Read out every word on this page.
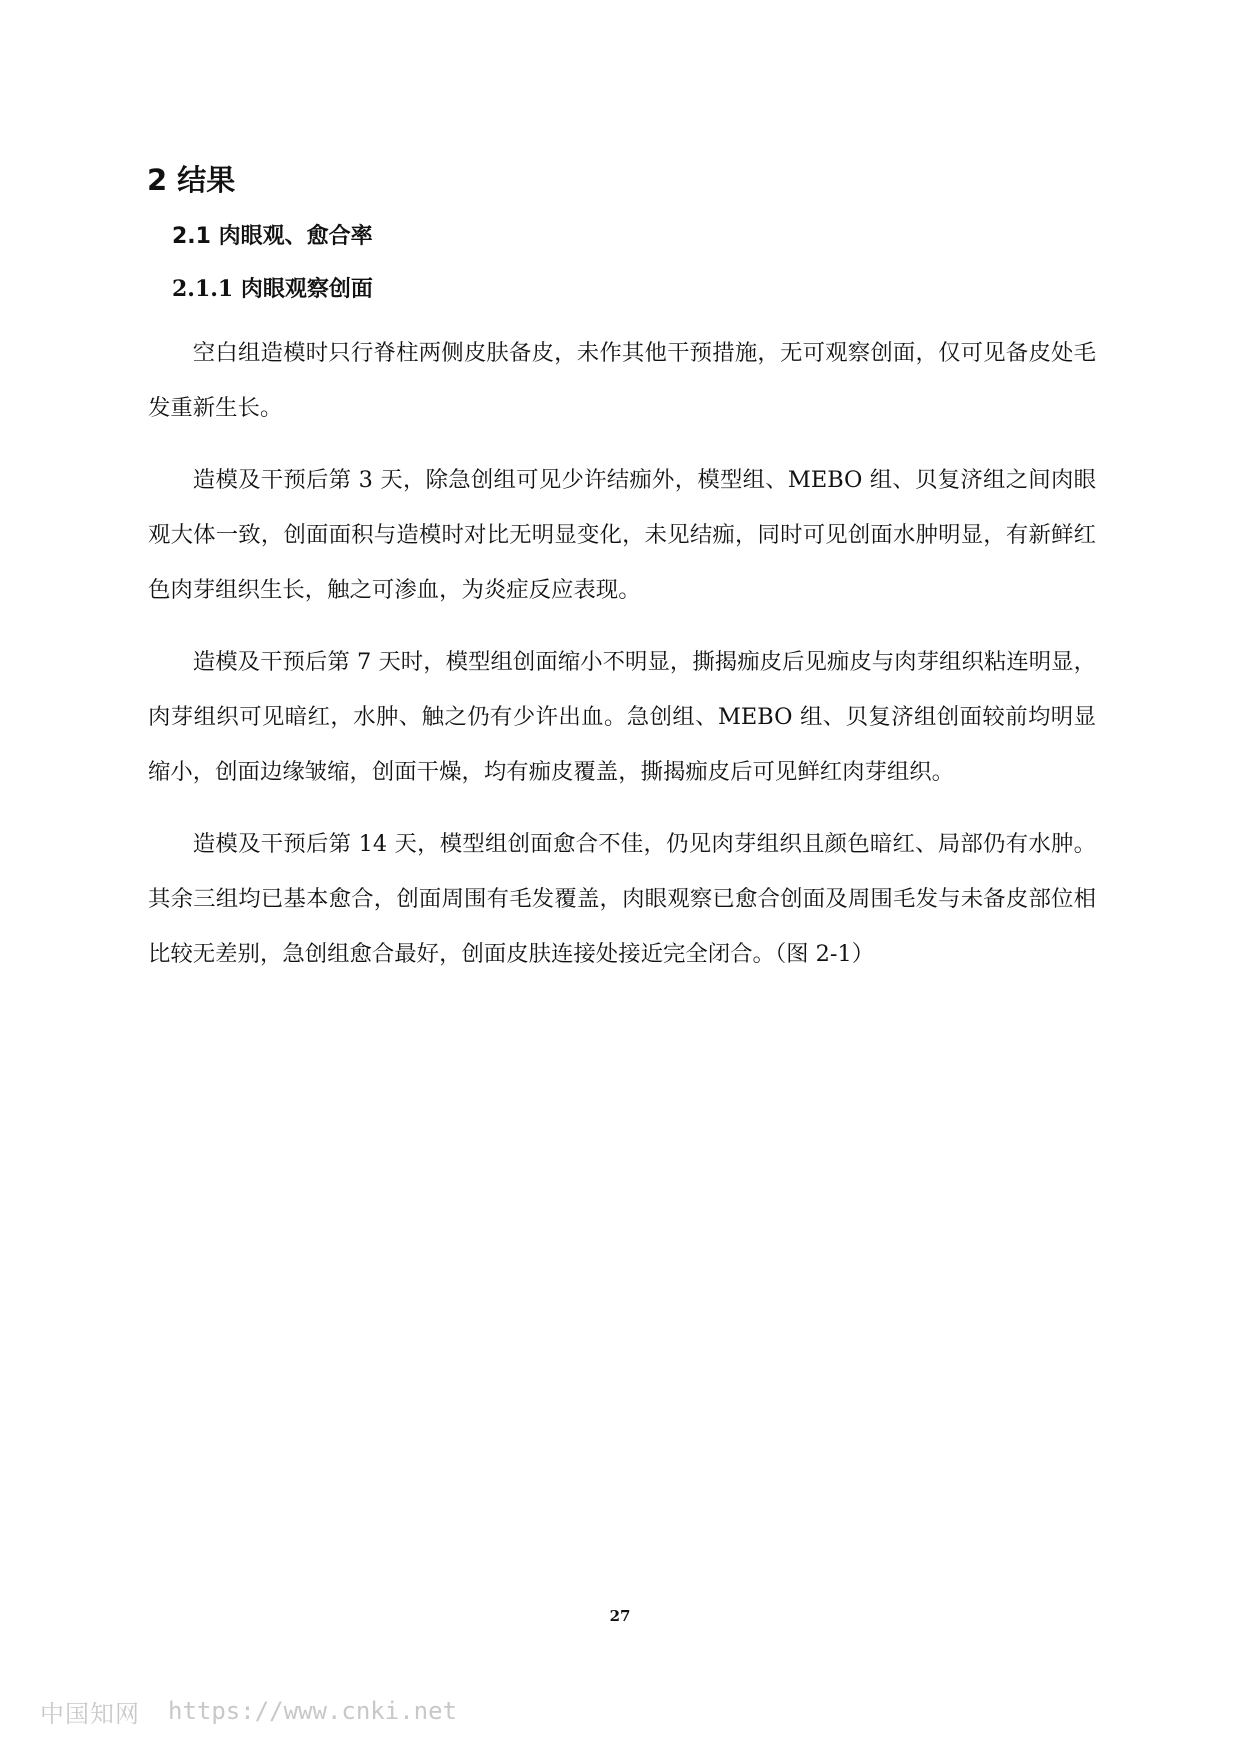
2 结果
2.1 肉眼观、愈合率
2.1.1 肉眼观察创面

空白组造模时只行脊柱两侧皮肤备皮，未作其他干预措施，无可观察创面，仅可见备皮处毛发重新生长。

造模及干预后第 3 天，除急创组可见少许结痂外，模型组、MEBO 组、贝复济组之间肉眼观大体一致，创面面积与造模时对比无明显变化，未见结痂，同时可见创面水肿明显，有新鲜红色肉芽组织生长，触之可渗血，为炎症反应表现。

造模及干预后第 7 天时，模型组创面缩小不明显，撕揭痂皮后见痂皮与肉芽组织粘连明显，肉芽组织可见暗红，水肿、触之仍有少许出血。急创组、MEBO 组、贝复济组创面较前均明显缩小，创面边缘皱缩，创面干燥，均有痂皮覆盖，撕揭痂皮后可见鲜红肉芽组织。

造模及干预后第 14 天，模型组创面愈合不佳，仍见肉芽组织且颜色暗红、局部仍有水肿。其余三组均已基本愈合，创面周围有毛发覆盖，肉眼观察已愈合创面及周围毛发与未备皮部位相比较无差别，急创组愈合最好，创面皮肤连接处接近完全闭合。（图 2-1）

27

中国知网 https://www.cnki.net
